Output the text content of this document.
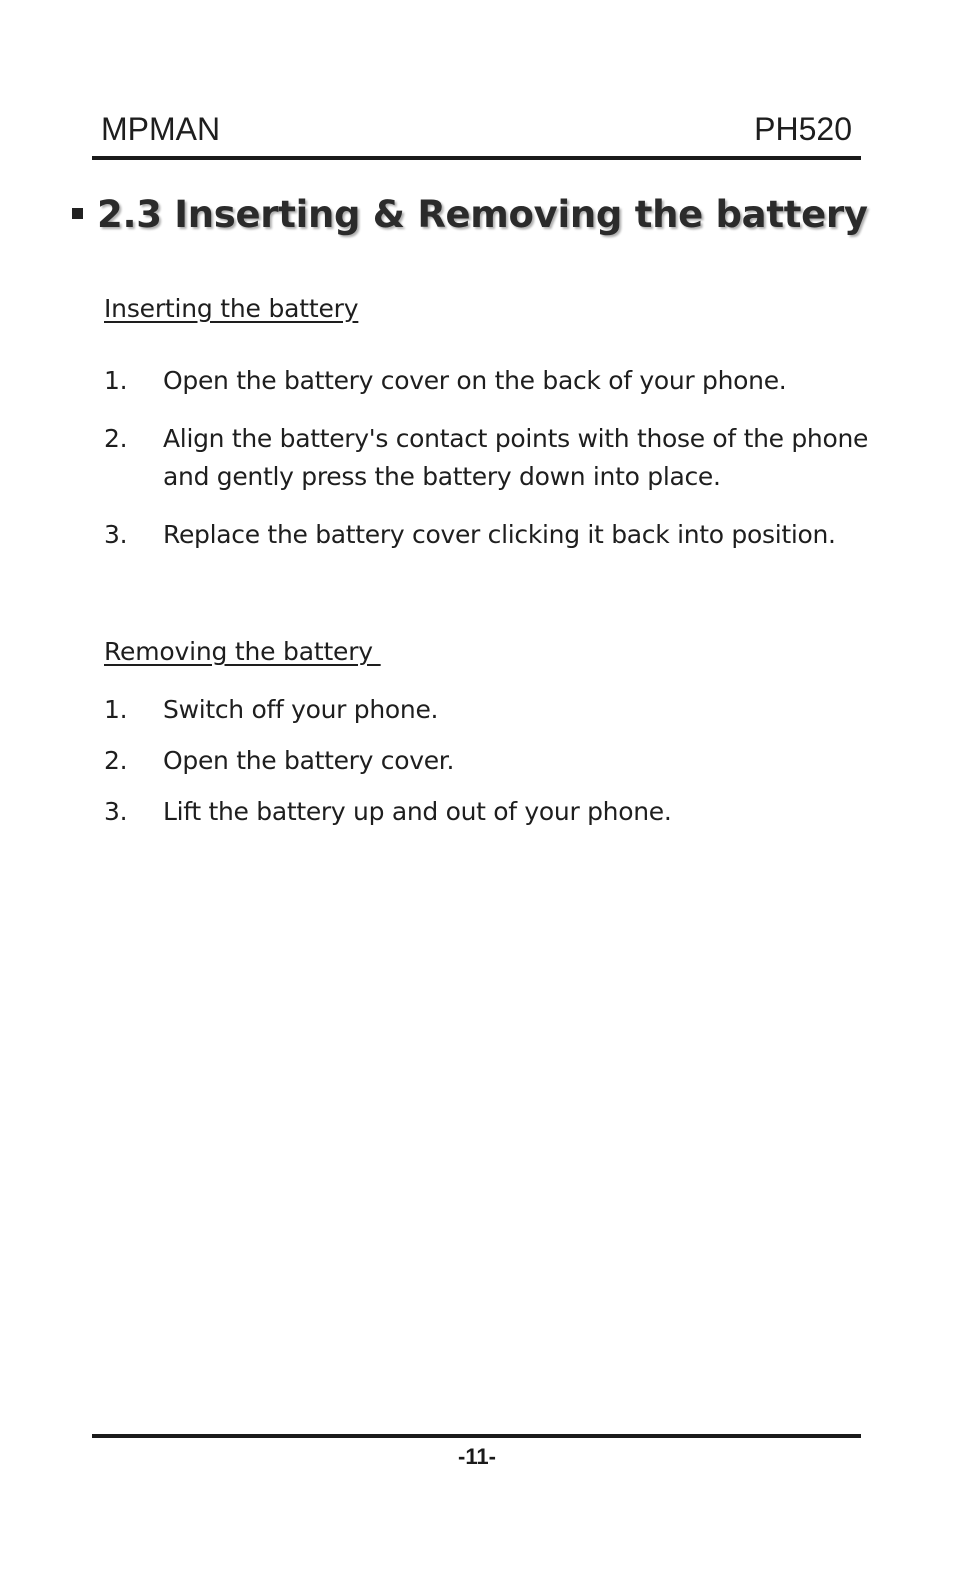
MPMAN	PH520
2.3 Inserting & Removing the battery
Inserting the battery
1. Open the battery cover on the back of your phone.
2. Align the battery's contact points with those of the phone and gently press the battery down into place.
3. Replace the battery cover clicking it back into position.
Removing the battery
1. Switch off your phone.
2. Open the battery cover.
3. Lift the battery up and out of your phone.
-11-
